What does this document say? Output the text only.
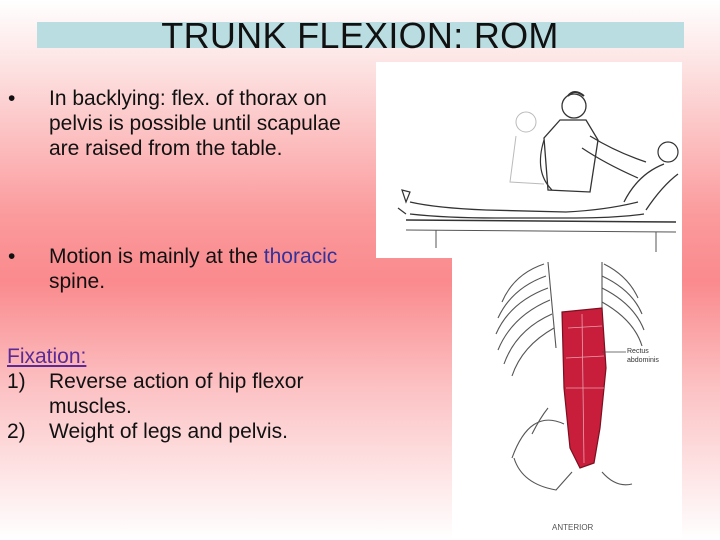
TRUNK FLEXION: ROM
• In backlying: flex. of thorax on pelvis is possible until scapulae are raised from the table.
• Motion is mainly at the thoracic spine.
Fixation:
1) Reverse action of hip flexor muscles.
2) Weight of legs and pelvis.
Rectus
abdominis
ANTERIOR
